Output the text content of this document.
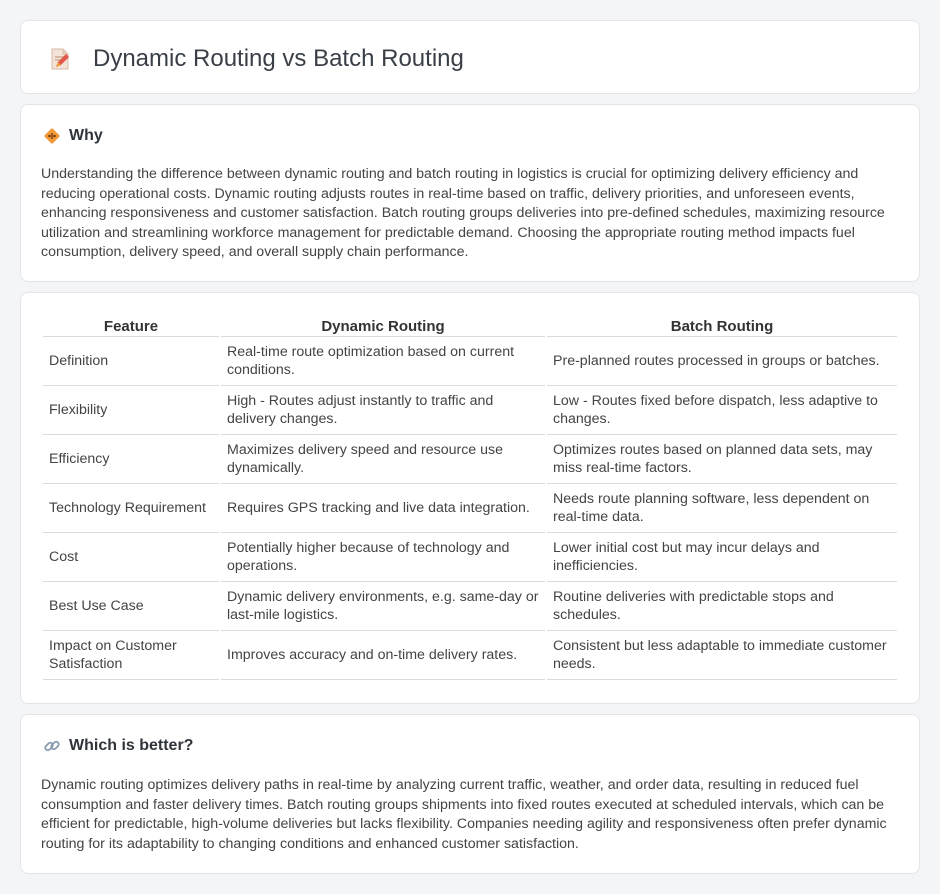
Dynamic Routing vs Batch Routing
Why

Understanding the difference between dynamic routing and batch routing in logistics is crucial for optimizing delivery efficiency and reducing operational costs. Dynamic routing adjusts routes in real-time based on traffic, delivery priorities, and unforeseen events, enhancing responsiveness and customer satisfaction. Batch routing groups deliveries into pre-defined schedules, maximizing resource utilization and streamlining workforce management for predictable demand. Choosing the appropriate routing method impacts fuel consumption, delivery speed, and overall supply chain performance.

Feature	Dynamic Routing	Batch Routing
Definition	Real-time route optimization based on current conditions.	Pre-planned routes processed in groups or batches.
Flexibility	High - Routes adjust instantly to traffic and delivery changes.	Low - Routes fixed before dispatch, less adaptive to changes.
Efficiency	Maximizes delivery speed and resource use dynamically.	Optimizes routes based on planned data sets, may miss real-time factors.
Technology Requirement	Requires GPS tracking and live data integration.	Needs route planning software, less dependent on real-time data.
Cost	Potentially higher because of technology and operations.	Lower initial cost but may incur delays and inefficiencies.
Best Use Case	Dynamic delivery environments, e.g. same-day or last-mile logistics.	Routine deliveries with predictable stops and schedules.
Impact on Customer Satisfaction	Improves accuracy and on-time delivery rates.	Consistent but less adaptable to immediate customer needs.
Which is better?

Dynamic routing optimizes delivery paths in real-time by analyzing current traffic, weather, and order data, resulting in reduced fuel consumption and faster delivery times. Batch routing groups shipments into fixed routes executed at scheduled intervals, which can be efficient for predictable, high-volume deliveries but lacks flexibility. Companies needing agility and responsiveness often prefer dynamic routing for its adaptability to changing conditions and enhanced customer satisfaction.
